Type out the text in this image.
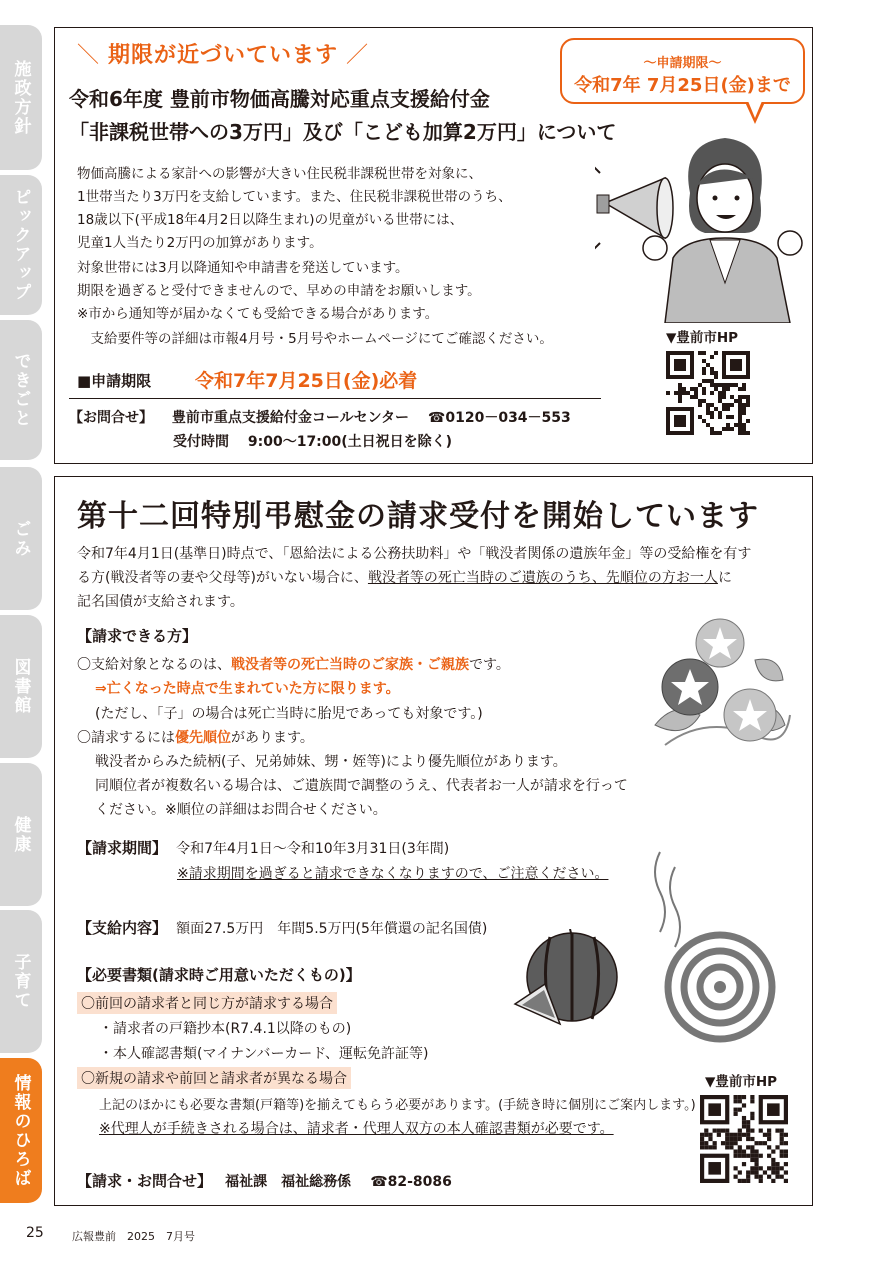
施政方針
ピックアップ
できごと
ごみ
図書館
健康
子育て
情報のひろば
＼ 期限が近づいています ／	～申請期限～
令和7年 7月25日(金)まで
令和6年度 豊前市物価高騰対応重点支援給付金
「非課税世帯への3万円」及び「こども加算2万円」について
物価高騰による家計への影響が大きい住民税非課税世帯を対象に、
1世帯当たり3万円を支給しています。また、住民税非課税世帯のうち、
18歳以下(平成18年4月2日以降生まれ)の児童がいる世帯には、
児童1人当たり2万円の加算があります。
対象世帯には3月以降通知や申請書を発送しています。
期限を過ぎると受付できませんので、早めの申請をお願いします。
※市から通知等が届かなくても受給できる場合があります。
　支給要件等の詳細は市報4月号・5月号やホームページにてご確認ください。
■申請期限 令和7年7月25日(金)必着
【お問合せ】 豊前市重点支援給付金コールセンター ☎0120－034－553
受付時間 9:00～17:00(土日祝日を除く)
▼豊前市HP
第十二回特別弔慰金の請求受付を開始しています
令和7年4月1日(基準日)時点で、「恩給法による公務扶助料」や「戦没者関係の遺族年金」等の受給権を有す
る方(戦没者等の妻や父母等)がいない場合に、戦没者等の死亡当時のご遺族のうち、先順位の方お一人に
記名国債が支給されます。
【請求できる方】
〇支給対象となるのは、戦没者等の死亡当時のご家族・ご親族です。
⇒亡くなった時点で生まれていた方に限ります。
(ただし、「子」の場合は死亡当時に胎児であっても対象です。)
〇請求するには優先順位があります。
戦没者からみた続柄(子、兄弟姉妹、甥・姪等)により優先順位があります。
同順位者が複数名いる場合は、ご遺族間で調整のうえ、代表者お一人が請求を行って
ください。※順位の詳細はお問合せください。
【請求期間】 令和7年4月1日～令和10年3月31日(3年間)
※請求期間を過ぎると請求できなくなりますので、ご注意ください。
【支給内容】 額面27.5万円　年間5.5万円(5年償還の記名国債)
【必要書類(請求時ご用意いただくもの)】
〇前回の請求者と同じ方が請求する場合
・請求者の戸籍抄本(R7.4.1以降のもの)
・本人確認書類(マイナンバーカード、運転免許証等)
〇新規の請求や前回と請求者が異なる場合
上記のほかにも必要な書類(戸籍等)を揃えてもらう必要があります。(手続き時に個別にご案内します。)
※代理人が手続きされる場合は、請求者・代理人双方の本人確認書類が必要です。
【請求・お問合せ】 福祉課　福祉総務係 ☎82-8086
▼豊前市HP
25	広報豊前　2025　7月号
